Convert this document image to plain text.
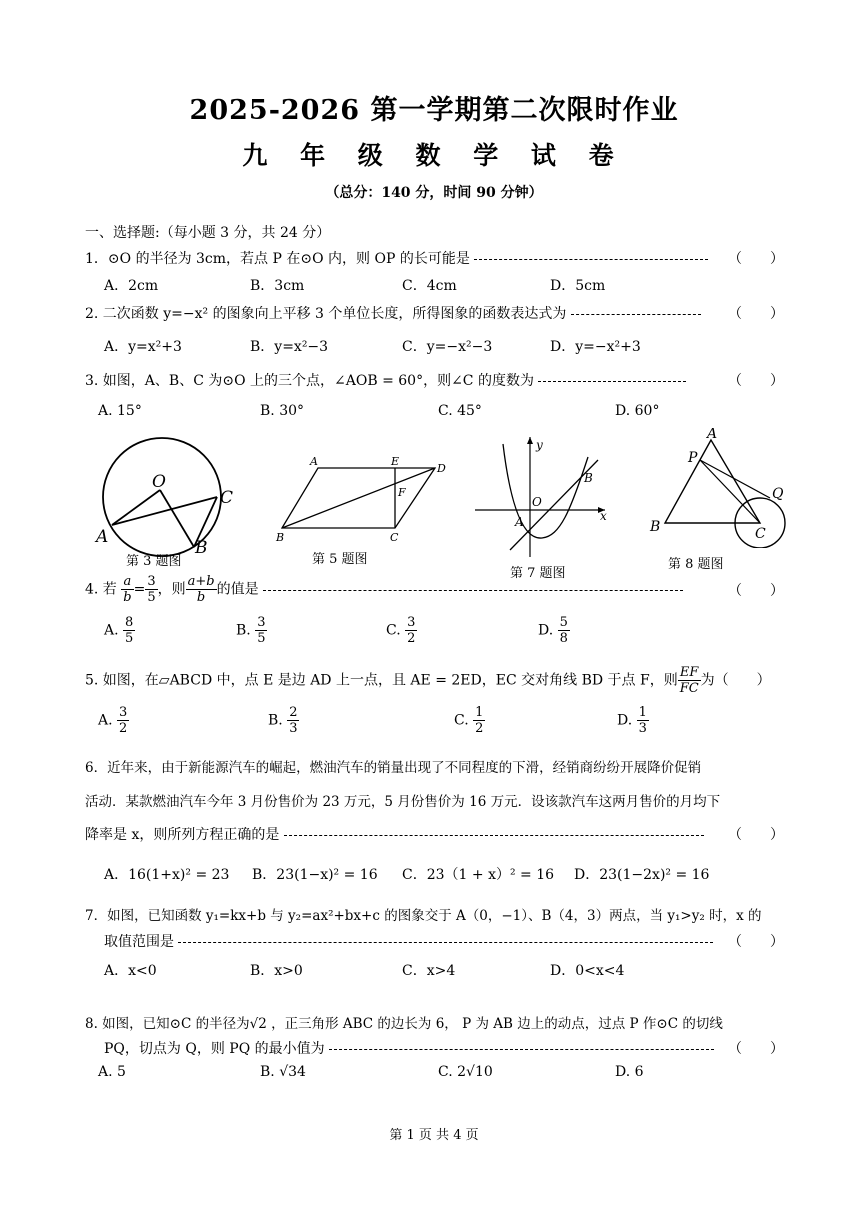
2025-2026 第一学期第二次限时作业
九 年 级 数 学 试 卷
（总分：140 分，时间 90 分钟）
一、选择题:（每小题 3 分，共 24 分）
1．⊙O 的半径为 3cm，若点 P 在⊙O 内，则 OP 的长可能是	（　　）
A．2cm	B．3cm	C．4cm	D．5cm
2. 二次函数 y=−x² 的图象向上平移 3 个单位长度，所得图象的函数表达式为	（　　）
A．y=x²+3	B．y=x²−3	C．y=−x²−3	D．y=−x²+3
3. 如图，A、B、C 为⊙O 上的三个点，∠AOB = 60°，则∠C 的度数为	（　　）
A. 15°	B. 30°	C. 45°	D. 60°
O
A
B
C
第 3 题图
A	E
D
F
B	C
第 5 题图
y
x
O
A
B
第 7 题图
A
P
Q
B	C
第 8 题图
4. 若 $\frac{a}{b} = \frac{3}{5}$ ，则 $\frac{a+b}{b}$ 的值是	（　　）
A. $\frac{8}{5}$	B. $\frac{3}{5}$	C. $\frac{3}{2}$	D. $\frac{5}{8}$
5. 如图，在▱ABCD 中，点 E 是边 AD 上一点，且 AE = 2ED，EC 交对角线 BD 于点 F，则 $\frac{EF}{FC}$ 为（　　）
A. $\frac{3}{2}$	B. $\frac{2}{3}$	C. $\frac{1}{2}$	D. $\frac{1}{3}$
6．近年来，由于新能源汽车的崛起，燃油汽车的销量出现了不同程度的下滑，经销商纷纷开展降价促销
活动．某款燃油汽车今年 3 月份售价为 23 万元，5 月份售价为 16 万元．设该款汽车这两月售价的月均下
降率是 x，则所列方程正确的是	（　　）
A．16(1+x)² = 23 B．23(1−x)² = 16 C．23（1 + x）² = 16 D．23(1−2x)² = 16
7．如图，已知函数 y₁=kx+b 与 y₂=ax²+bx+c 的图象交于 A（0，−1）、B（4，3）两点，当 y₁>y₂ 时，x 的
取值范围是	（　　）
A．x<0	B．x>0	C．x>4	D．0<x<4
8. 如图，已知⊙C 的半径为√2 ，正三角形 ABC 的边长为 6， P 为 AB 边上的动点，过点 P 作⊙C 的切线
PQ，切点为 Q，则 PQ 的最小值为	（　　）
A. 5	B. √34	C. 2√10	D. 6
第 1 页 共 4 页
